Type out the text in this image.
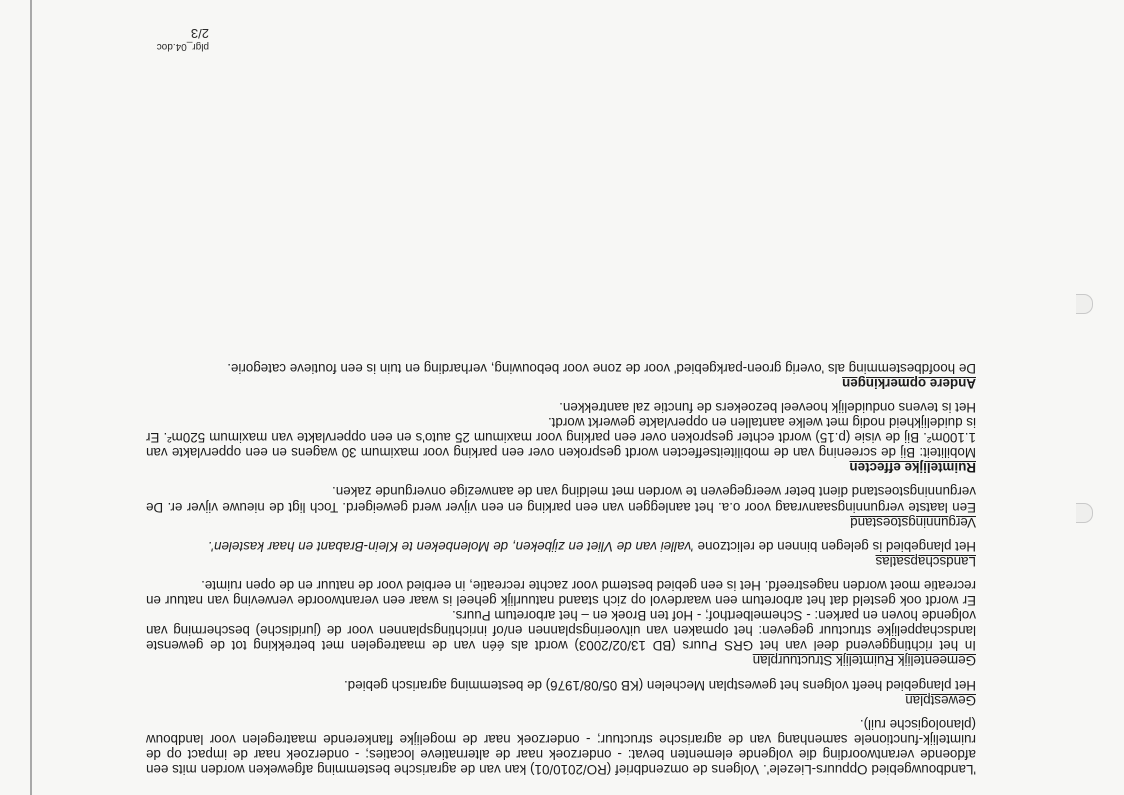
plgr_04.doc
2/3

'Landbouwgebied Oppuurs-Liezele'. Volgens de omzendbrief (RO/2010/01) kan van de agrarische bestemming afgeweken worden mits een afdoende verantwoording die volgende elementen bevat: - onderzoek naar de alternatieve locaties; - onderzoek naar de impact op de ruimtelijk-functionele samenhang van de agrarische structuur; - onderzoek naar de mogelijke flankerende maatregelen voor landbouw (planologische ruil).

Gewestplan

Het plangebied heeft volgens het gewestplan Mechelen (KB 05/08/1976) de bestemming agrarisch gebied.

Gemeentelijk Ruimtelijk Structuurplan

In het richtinggevend deel van het GRS Puurs (BD 13/02/2003) wordt als één van de maatregelen met betrekking tot de gewenste landschappelijke structuur gegeven: het opmaken van uitvoeringsplannen en/of inrichtingsplannen voor de (juridische) bescherming van volgende hoven en parken: - Schemelberthof; - Hof ten Broek en – het arboretum Puurs.

Er wordt ook gesteld dat het arboretum een waardevol op zich staand natuurlijk geheel is waar een verantwoorde verweving van natuur en recreatie moet worden nagestreefd. Het is een gebied bestemd voor zachte recreatie, in eerbied voor de natuur en de open ruimte.

Landschapsatlas

Het plangebied is gelegen binnen de relictzone 'vallei van de Vliet en zijbeken, de Molenbeken te Klein-Brabant en haar kastelen'.

Vergunningstoestand

Een laatste vergunningsaanvraag voor o.a. het aanleggen van een parking en een vijver werd geweigerd. Toch ligt de nieuwe vijver er. De vergunningstoestand dient beter weergegeven te worden met melding van de aanwezige onvergunde zaken.

Ruimtelijke effecten

Mobiliteit: Bij de screening van de mobiliteitseffecten wordt gesproken over een parking voor maximum 30 wagens en een oppervlakte van 1.100m². Bij de visie (p.15) wordt echter gesproken over een parking voor maximum 25 auto's en een oppervlakte van maximum 520m². Er is duidelijkheid nodig met welke aantallen en oppervlakte gewerkt wordt.

Het is tevens onduidelijk hoeveel bezoekers de functie zal aantrekken.

Andere opmerkingen

De hoofdbestemming als 'overig groen-parkgebied' voor de zone voor bebouwing, verharding en tuin is een foutieve categorie.
